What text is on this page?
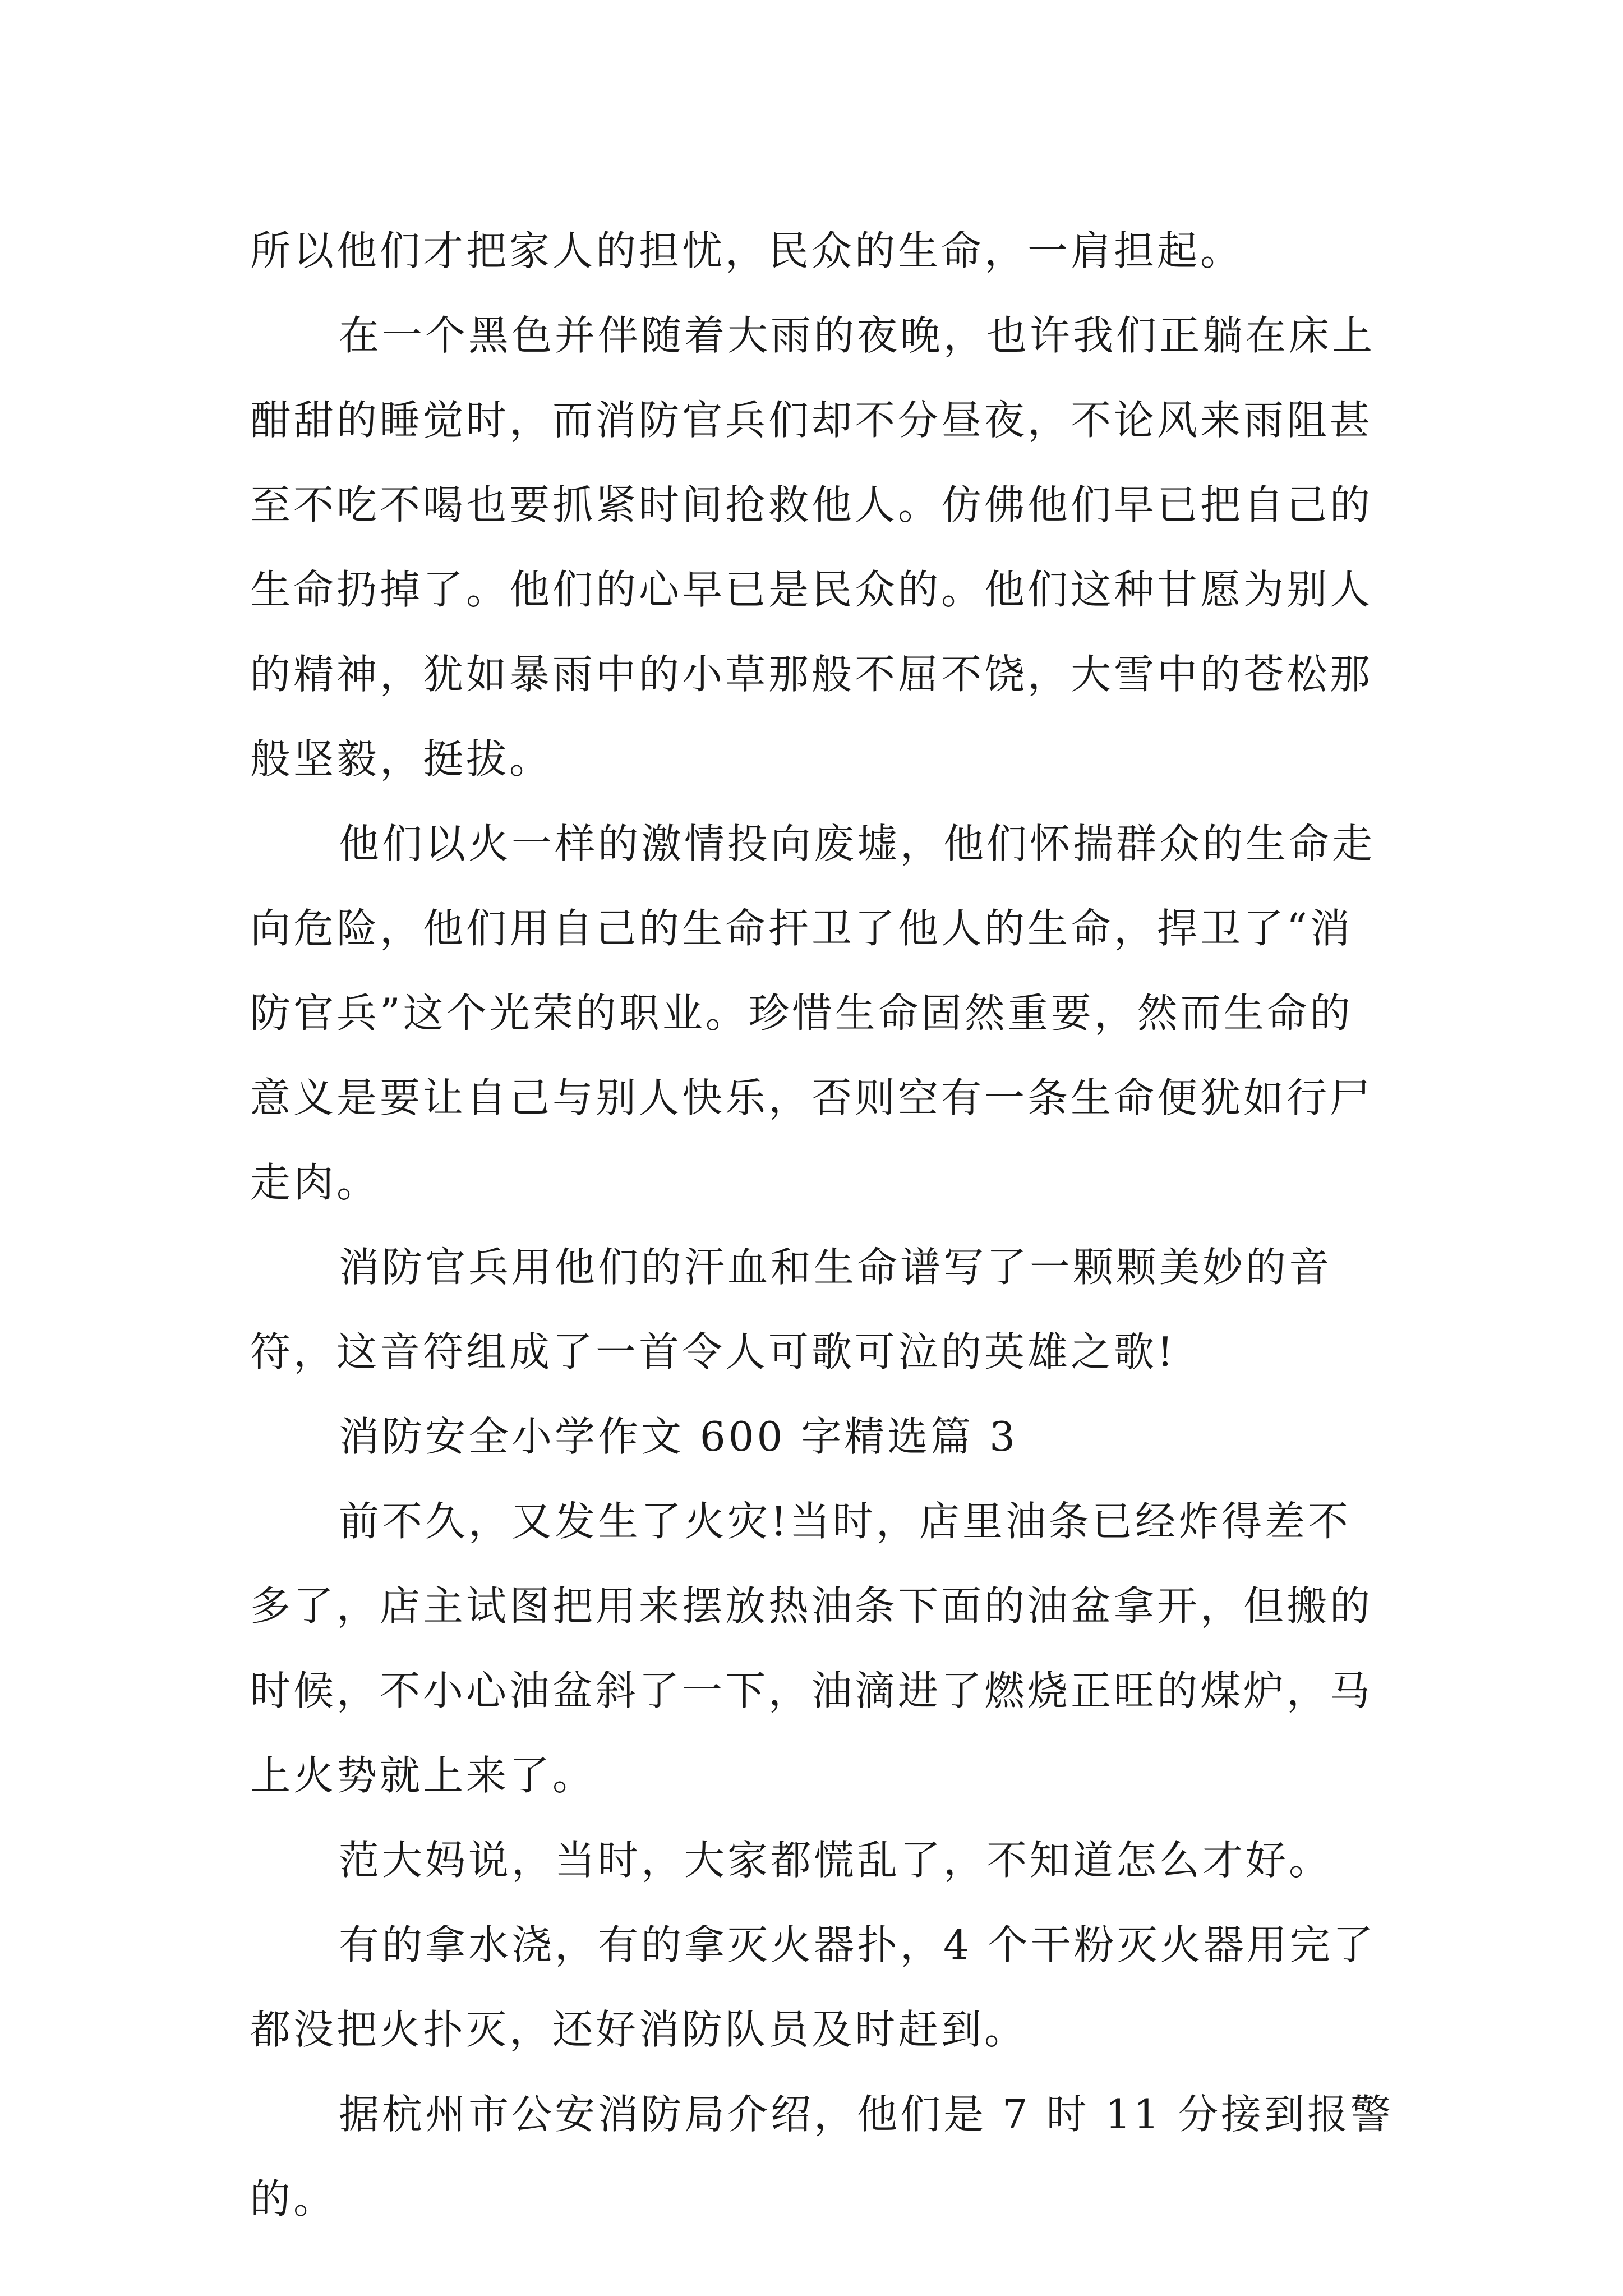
所以他们才把家人的担忧，民众的生命，一肩担起。
在一个黑色并伴随着大雨的夜晚，也许我们正躺在床上
酣甜的睡觉时，而消防官兵们却不分昼夜，不论风来雨阻甚
至不吃不喝也要抓紧时间抢救他人。仿佛他们早已把自己的
生命扔掉了。他们的心早已是民众的。他们这种甘愿为别人
的精神，犹如暴雨中的小草那般不屈不饶，大雪中的苍松那
般坚毅，挺拔。
他们以火一样的激情投向废墟，他们怀揣群众的生命走
向危险，他们用自己的生命扞卫了他人的生命，捍卫了“消
防官兵”这个光荣的职业。珍惜生命固然重要，然而生命的
意义是要让自己与别人快乐，否则空有一条生命便犹如行尸
走肉。
消防官兵用他们的汗血和生命谱写了一颗颗美妙的音
符，这音符组成了一首令人可歌可泣的英雄之歌!
消防安全小学作文 600 字精选篇 3
前不久，又发生了火灾!当时，店里油条已经炸得差不
多了，店主试图把用来摆放热油条下面的油盆拿开，但搬的
时候，不小心油盆斜了一下，油滴进了燃烧正旺的煤炉，马
上火势就上来了。
范大妈说，当时，大家都慌乱了，不知道怎么才好。
有的拿水浇，有的拿灭火器扑，4 个干粉灭火器用完了
都没把火扑灭，还好消防队员及时赶到。
据杭州市公安消防局介绍，他们是 7 时 11 分接到报警
的。
